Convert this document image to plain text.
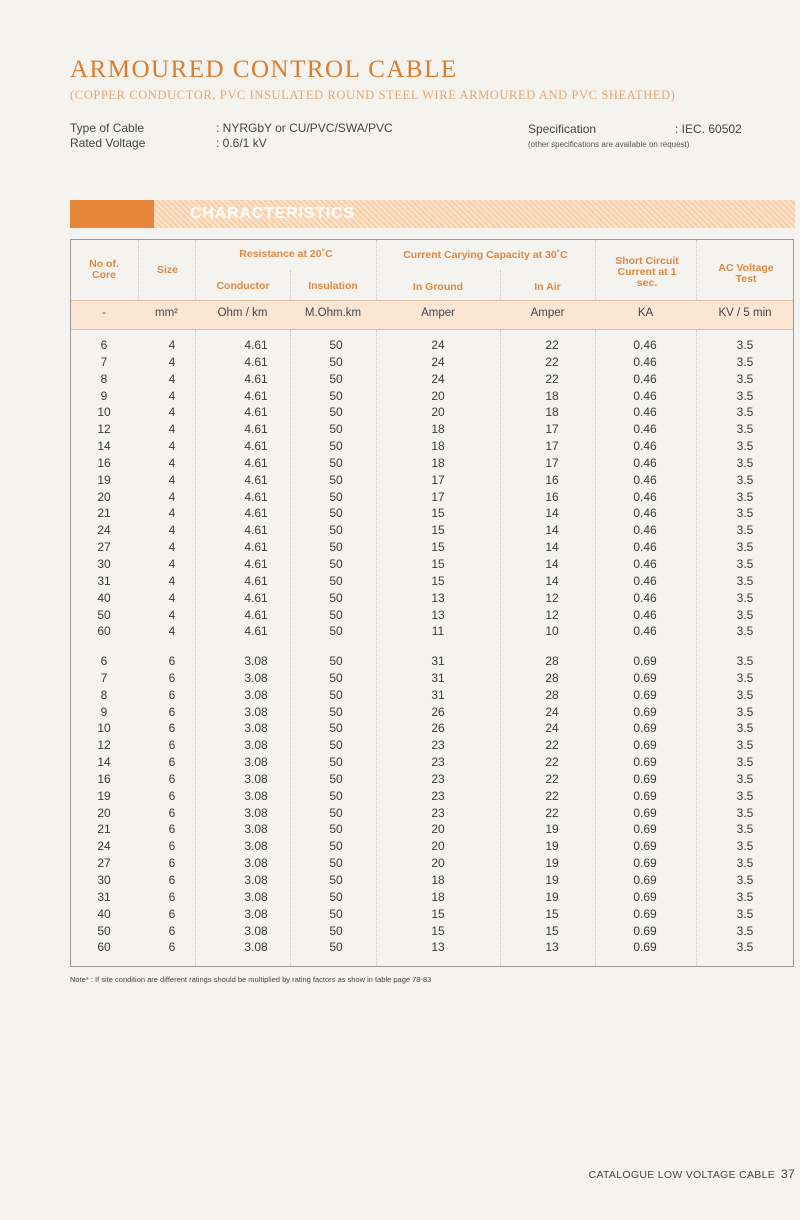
ARMOURED CONTROL CABLE
(COPPER CONDUCTOR, PVC INSULATED ROUND STEEL WIRE ARMOURED AND PVC SHEATHED)
Type of Cable	: NYRGbY or CU/PVC/SWA/PVC
Rated Voltage	: 0.6/1 kV
Specification	: IEC. 60502
(other specifications are available on request)
CHARACTERISTICS
No of. Core	Size
Resistance at 20˚C
Conductor	Insulation
Current Carying Capacity at 30˚C
In Ground	In Air
Short Circuit Current at 1 sec.
AC Voltage Test
-	mm²	Ohm / km	M.Ohm.km	Amper	Amper	KA	KV / 5 min
6	4	4.61	50	24	22	0.46	3.5
7	4	4.61	50	24	22	0.46	3.5
8	4	4.61	50	24	22	0.46	3.5
9	4	4.61	50	20	18	0.46	3.5
10	4	4.61	50	20	18	0.46	3.5
12	4	4.61	50	18	17	0.46	3.5
14	4	4.61	50	18	17	0.46	3.5
16	4	4.61	50	18	17	0.46	3.5
19	4	4.61	50	17	16	0.46	3.5
20	4	4.61	50	17	16	0.46	3.5
21	4	4.61	50	15	14	0.46	3.5
24	4	4.61	50	15	14	0.46	3.5
27	4	4.61	50	15	14	0.46	3.5
30	4	4.61	50	15	14	0.46	3.5
31	4	4.61	50	15	14	0.46	3.5
40	4	4.61	50	13	12	0.46	3.5
50	4	4.61	50	13	12	0.46	3.5
60	4	4.61	50	11	10	0.46	3.5
6	6	3.08	50	31	28	0.69	3.5
7	6	3.08	50	31	28	0.69	3.5
8	6	3.08	50	31	28	0.69	3.5
9	6	3.08	50	26	24	0.69	3.5
10	6	3.08	50	26	24	0.69	3.5
12	6	3.08	50	23	22	0.69	3.5
14	6	3.08	50	23	22	0.69	3.5
16	6	3.08	50	23	22	0.69	3.5
19	6	3.08	50	23	22	0.69	3.5
20	6	3.08	50	23	22	0.69	3.5
21	6	3.08	50	20	19	0.69	3.5
24	6	3.08	50	20	19	0.69	3.5
27	6	3.08	50	20	19	0.69	3.5
30	6	3.08	50	18	19	0.69	3.5
31	6	3.08	50	18	19	0.69	3.5
40	6	3.08	50	15	15	0.69	3.5
50	6	3.08	50	15	15	0.69	3.5
60	6	3.08	50	13	13	0.69	3.5
Note* : If site condition are different ratings should be multiplied by rating factors as show in table page 78-83
CATALOGUE LOW VOLTAGE CABLE 37
